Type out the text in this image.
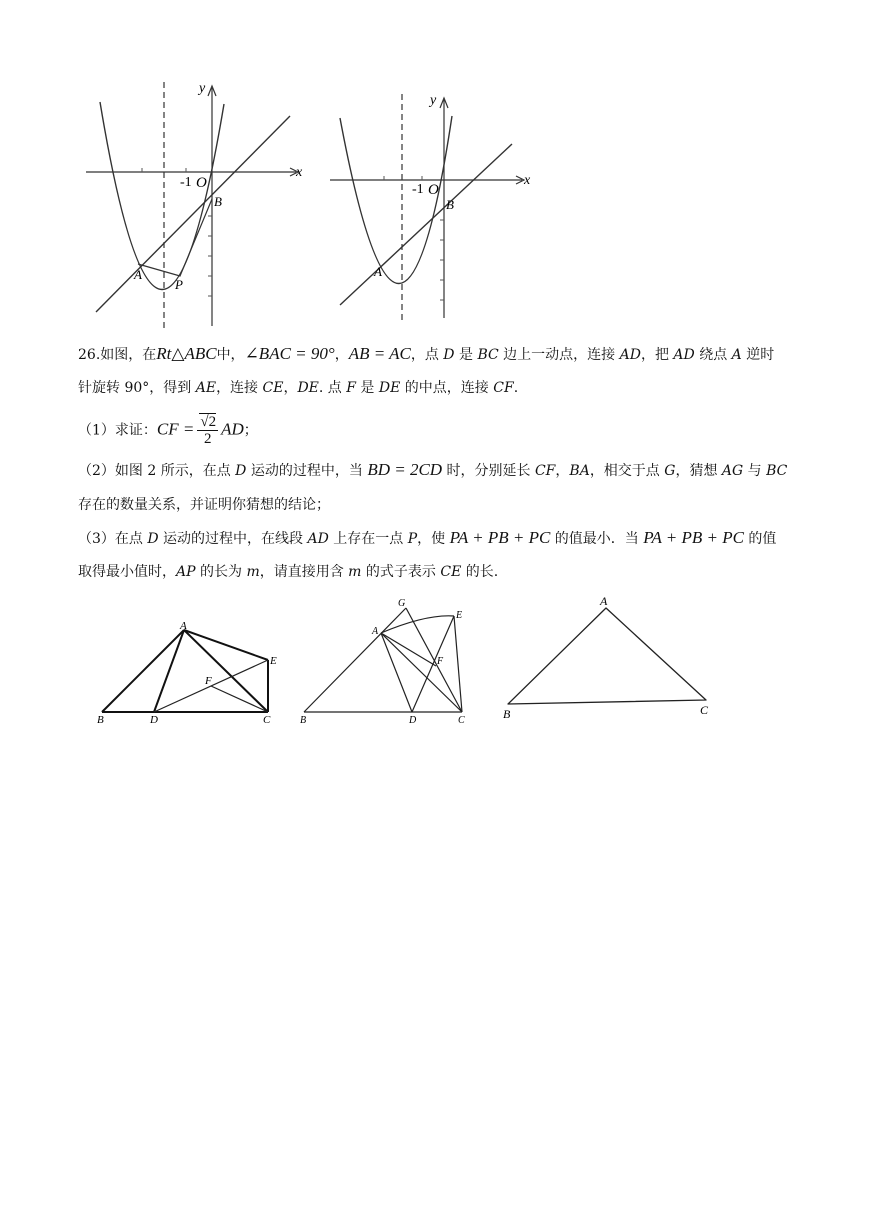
y
x
-1 O
A
B
P
y
x
-1 O
A
B
26.如图，在Rt△ABC中，∠BAC = 90°，AB = AC，点 D 是 BC 边上一动点，连接 AD，把 AD 绕点 A 逆时
针旋转 90°，得到 AE，连接 CE，DE. 点 F 是 DE 的中点，连接 CF.
（1）求证：CF = $\frac{√2}{2}$ AD；
（2）如图 2 所示，在点 D 运动的过程中，当 BD = 2CD 时，分别延长 CF，BA，相交于点 G，猜想 AG 与 BC
存在的数量关系，并证明你猜想的结论；
（3）在点 D 运动的过程中，在线段 AD 上存在一点 P，使 PA + PB + PC 的值最小．当 PA + PB + PC 的值
取得最小值时，AP 的长为 m，请直接用含 m 的式子表示 CE 的长.
A
B	D
F
E
C
G
A
E
F
B	D	C
A
B	C
